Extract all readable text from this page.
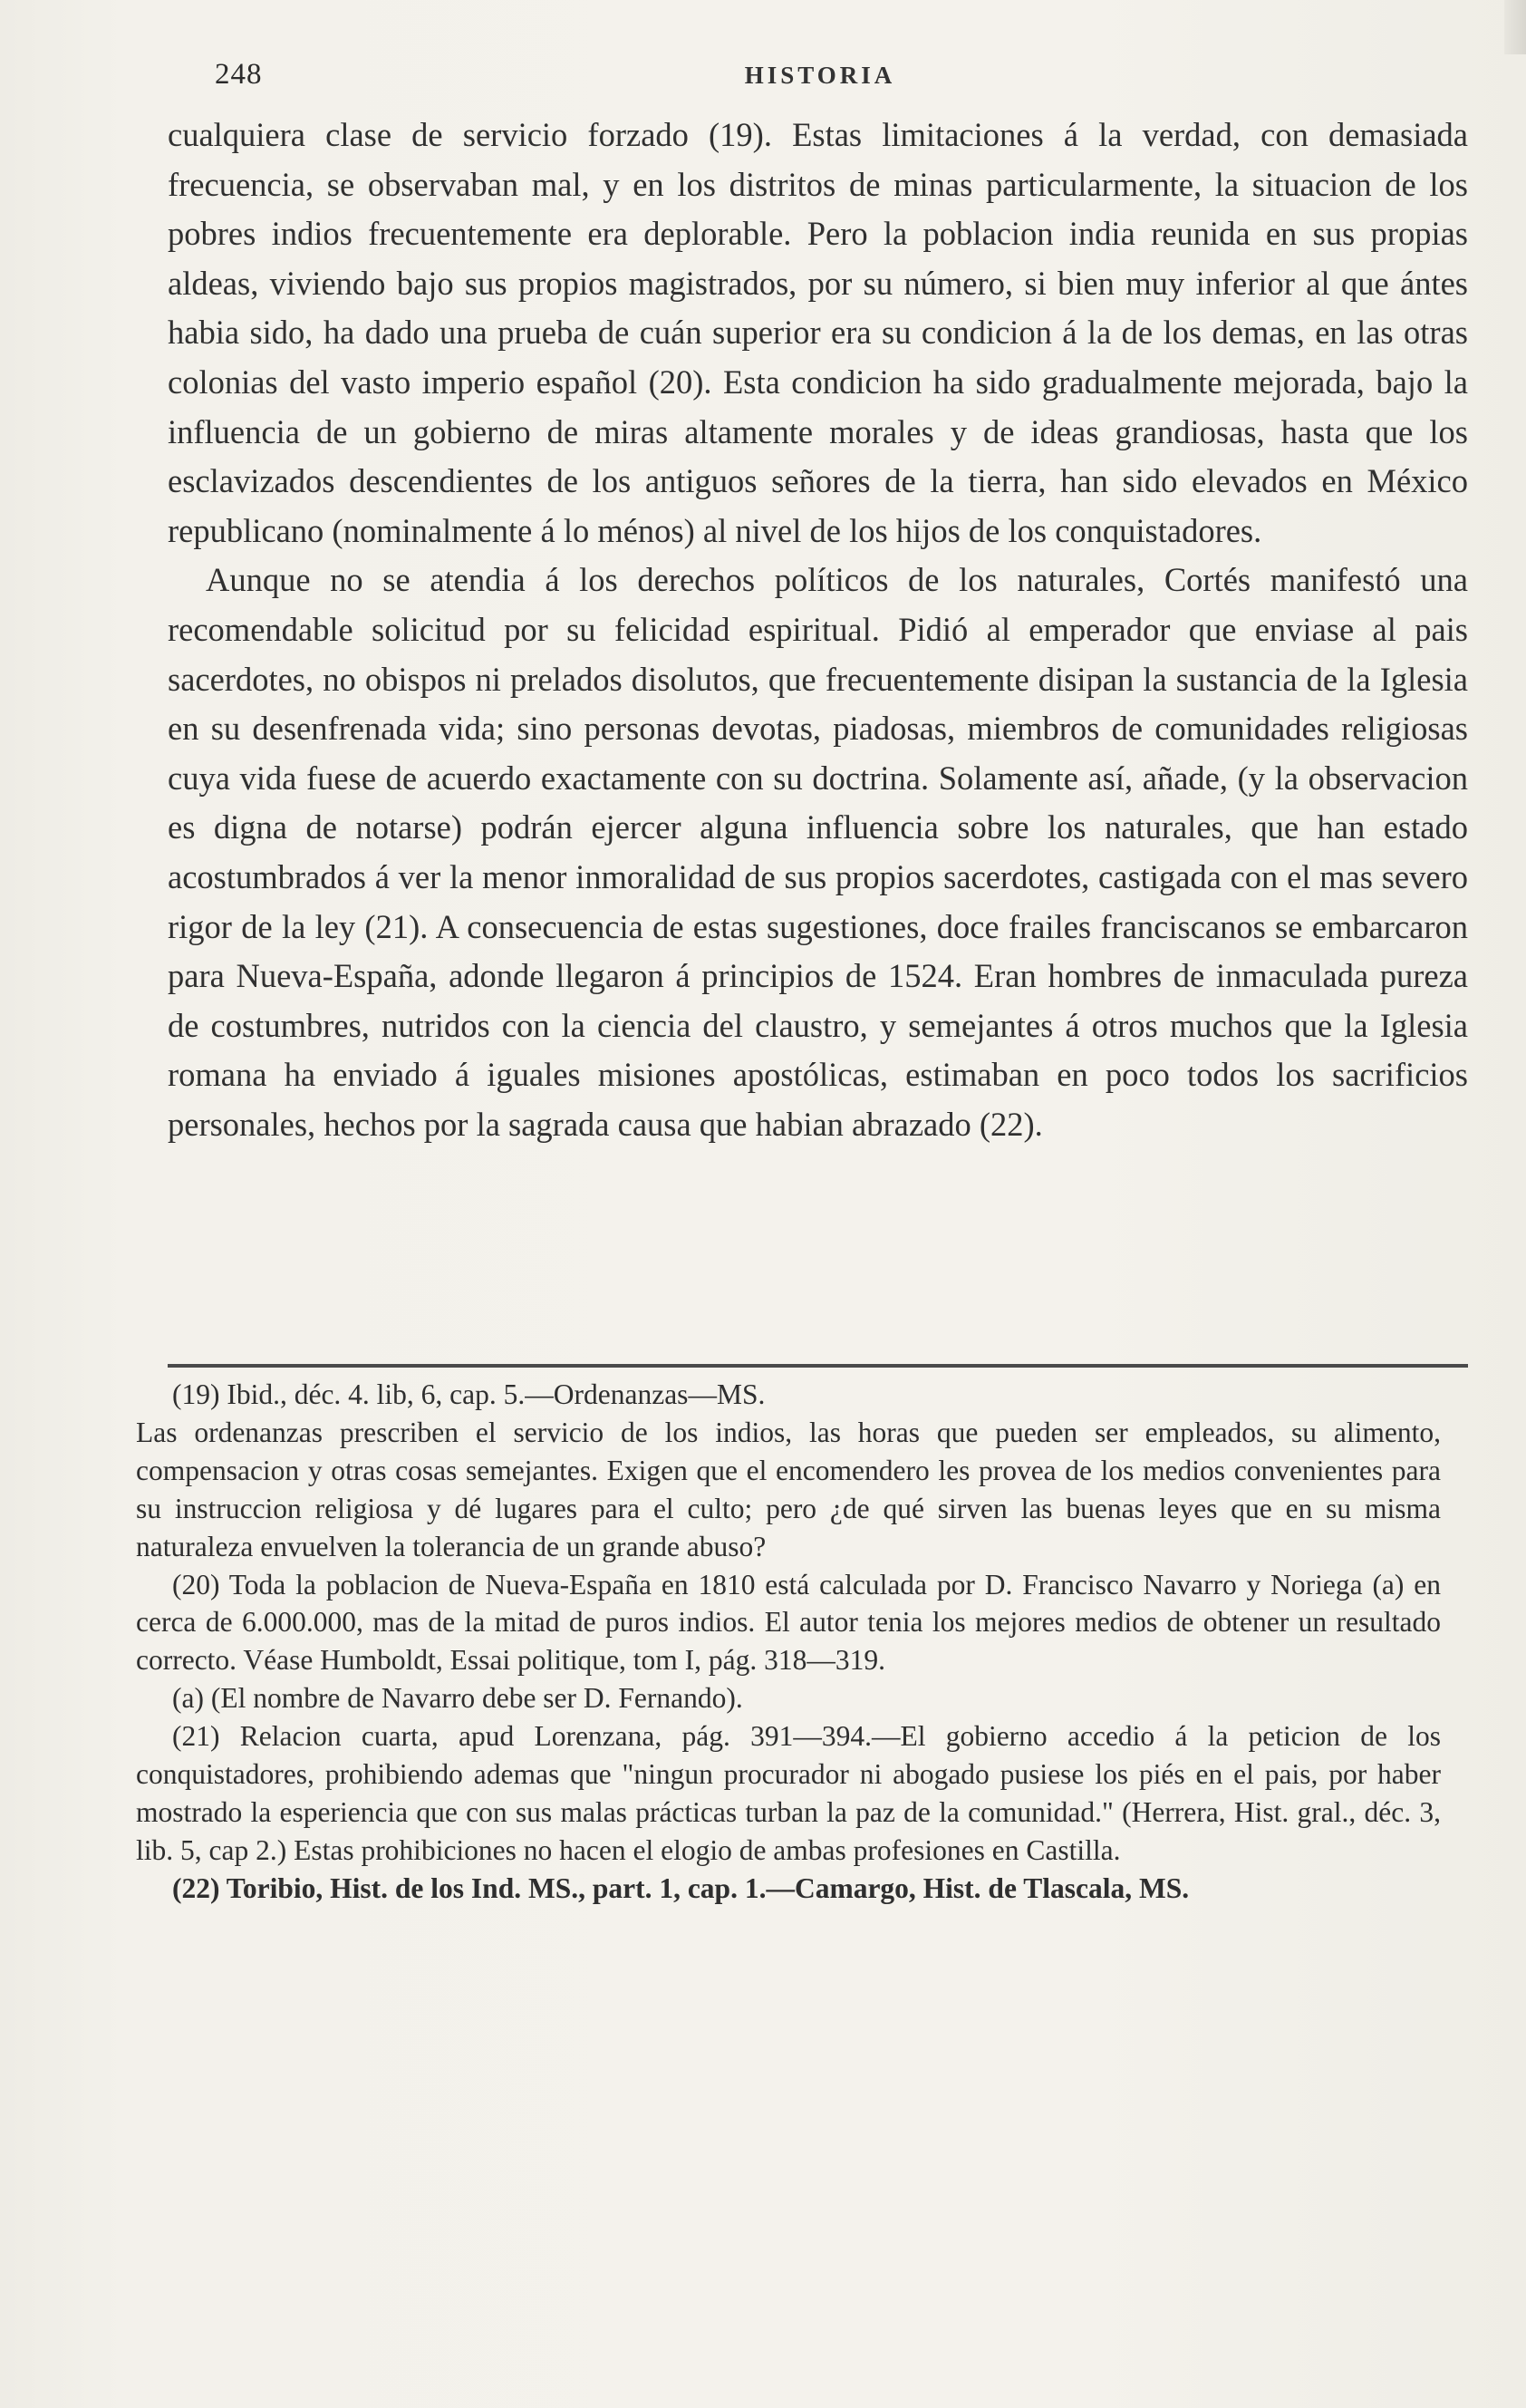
248	HISTORIA

cualquiera clase de servicio forzado (19). Estas limitaciones á la verdad, con demasiada frecuencia, se observaban mal, y en los distritos de minas particularmente, la situacion de los pobres indios frecuentemente era deplorable. Pero la poblacion india reunida en sus propias aldeas, viviendo bajo sus propios magistrados, por su número, si bien muy inferior al que ántes habia sido, ha dado una prueba de cuán superior era su condicion á la de los demas, en las otras colonias del vasto imperio español (20). Esta condicion ha sido gradualmente mejorada, bajo la influencia de un gobierno de miras altamente morales y de ideas grandiosas, hasta que los esclavizados descendientes de los antiguos señores de la tierra, han sido elevados en México republicano (nominalmente á lo ménos) al nivel de los hijos de los conquistadores.

Aunque no se atendia á los derechos políticos de los naturales, Cortés manifestó una recomendable solicitud por su felicidad espiritual. Pidió al emperador que enviase al pais sacerdotes, no obispos ni prelados disolutos, que frecuentemente disipan la sustancia de la Iglesia en su desenfrenada vida; sino personas devotas, piadosas, miembros de comunidades religiosas cuya vida fuese de acuerdo exactamente con su doctrina. Solamente así, añade, (y la observacion es digna de notarse) podrán ejercer alguna influencia sobre los naturales, que han estado acostumbrados á ver la menor inmoralidad de sus propios sacerdotes, castigada con el mas severo rigor de la ley (21). A consecuencia de estas sugestiones, doce frailes franciscanos se embarcaron para Nueva-España, adonde llegaron á principios de 1524. Eran hombres de inmaculada pureza de costumbres, nutridos con la ciencia del claustro, y semejantes á otros muchos que la Iglesia romana ha enviado á iguales misiones apostólicas, estimaban en poco todos los sacrificios personales, hechos por la sagrada causa que habian abrazado (22).

(19) Ibid., déc. 4. lib, 6, cap. 5.—Ordenanzas—MS.

Las ordenanzas prescriben el servicio de los indios, las horas que pueden ser empleados, su alimento, compensacion y otras cosas semejantes. Exigen que el encomendero les provea de los medios convenientes para su instruccion religiosa y dé lugares para el culto; pero ¿de qué sirven las buenas leyes que en su misma naturaleza envuelven la tolerancia de un grande abuso?

(20) Toda la poblacion de Nueva-España en 1810 está calculada por D. Francisco Navarro y Noriega (a) en cerca de 6.000.000, mas de la mitad de puros indios. El autor tenia los mejores medios de obtener un resultado correcto. Véase Humboldt, Essai politique, tom I, pág. 318—319.

(a) (El nombre de Navarro debe ser D. Fernando).

(21) Relacion cuarta, apud Lorenzana, pág. 391—394.—El gobierno accedio á la peticion de los conquistadores, prohibiendo ademas que "ningun procurador ni abogado pusiese los piés en el pais, por haber mostrado la esperiencia que con sus malas prácticas turban la paz de la comunidad." (Herrera, Hist. gral., déc. 3, lib. 5, cap 2.) Estas prohibiciones no hacen el elogio de ambas profesiones en Castilla.

(22) Toribio, Hist. de los Ind. MS., part. 1, cap. 1.—Camargo, Hist. de Tlascala, MS.
